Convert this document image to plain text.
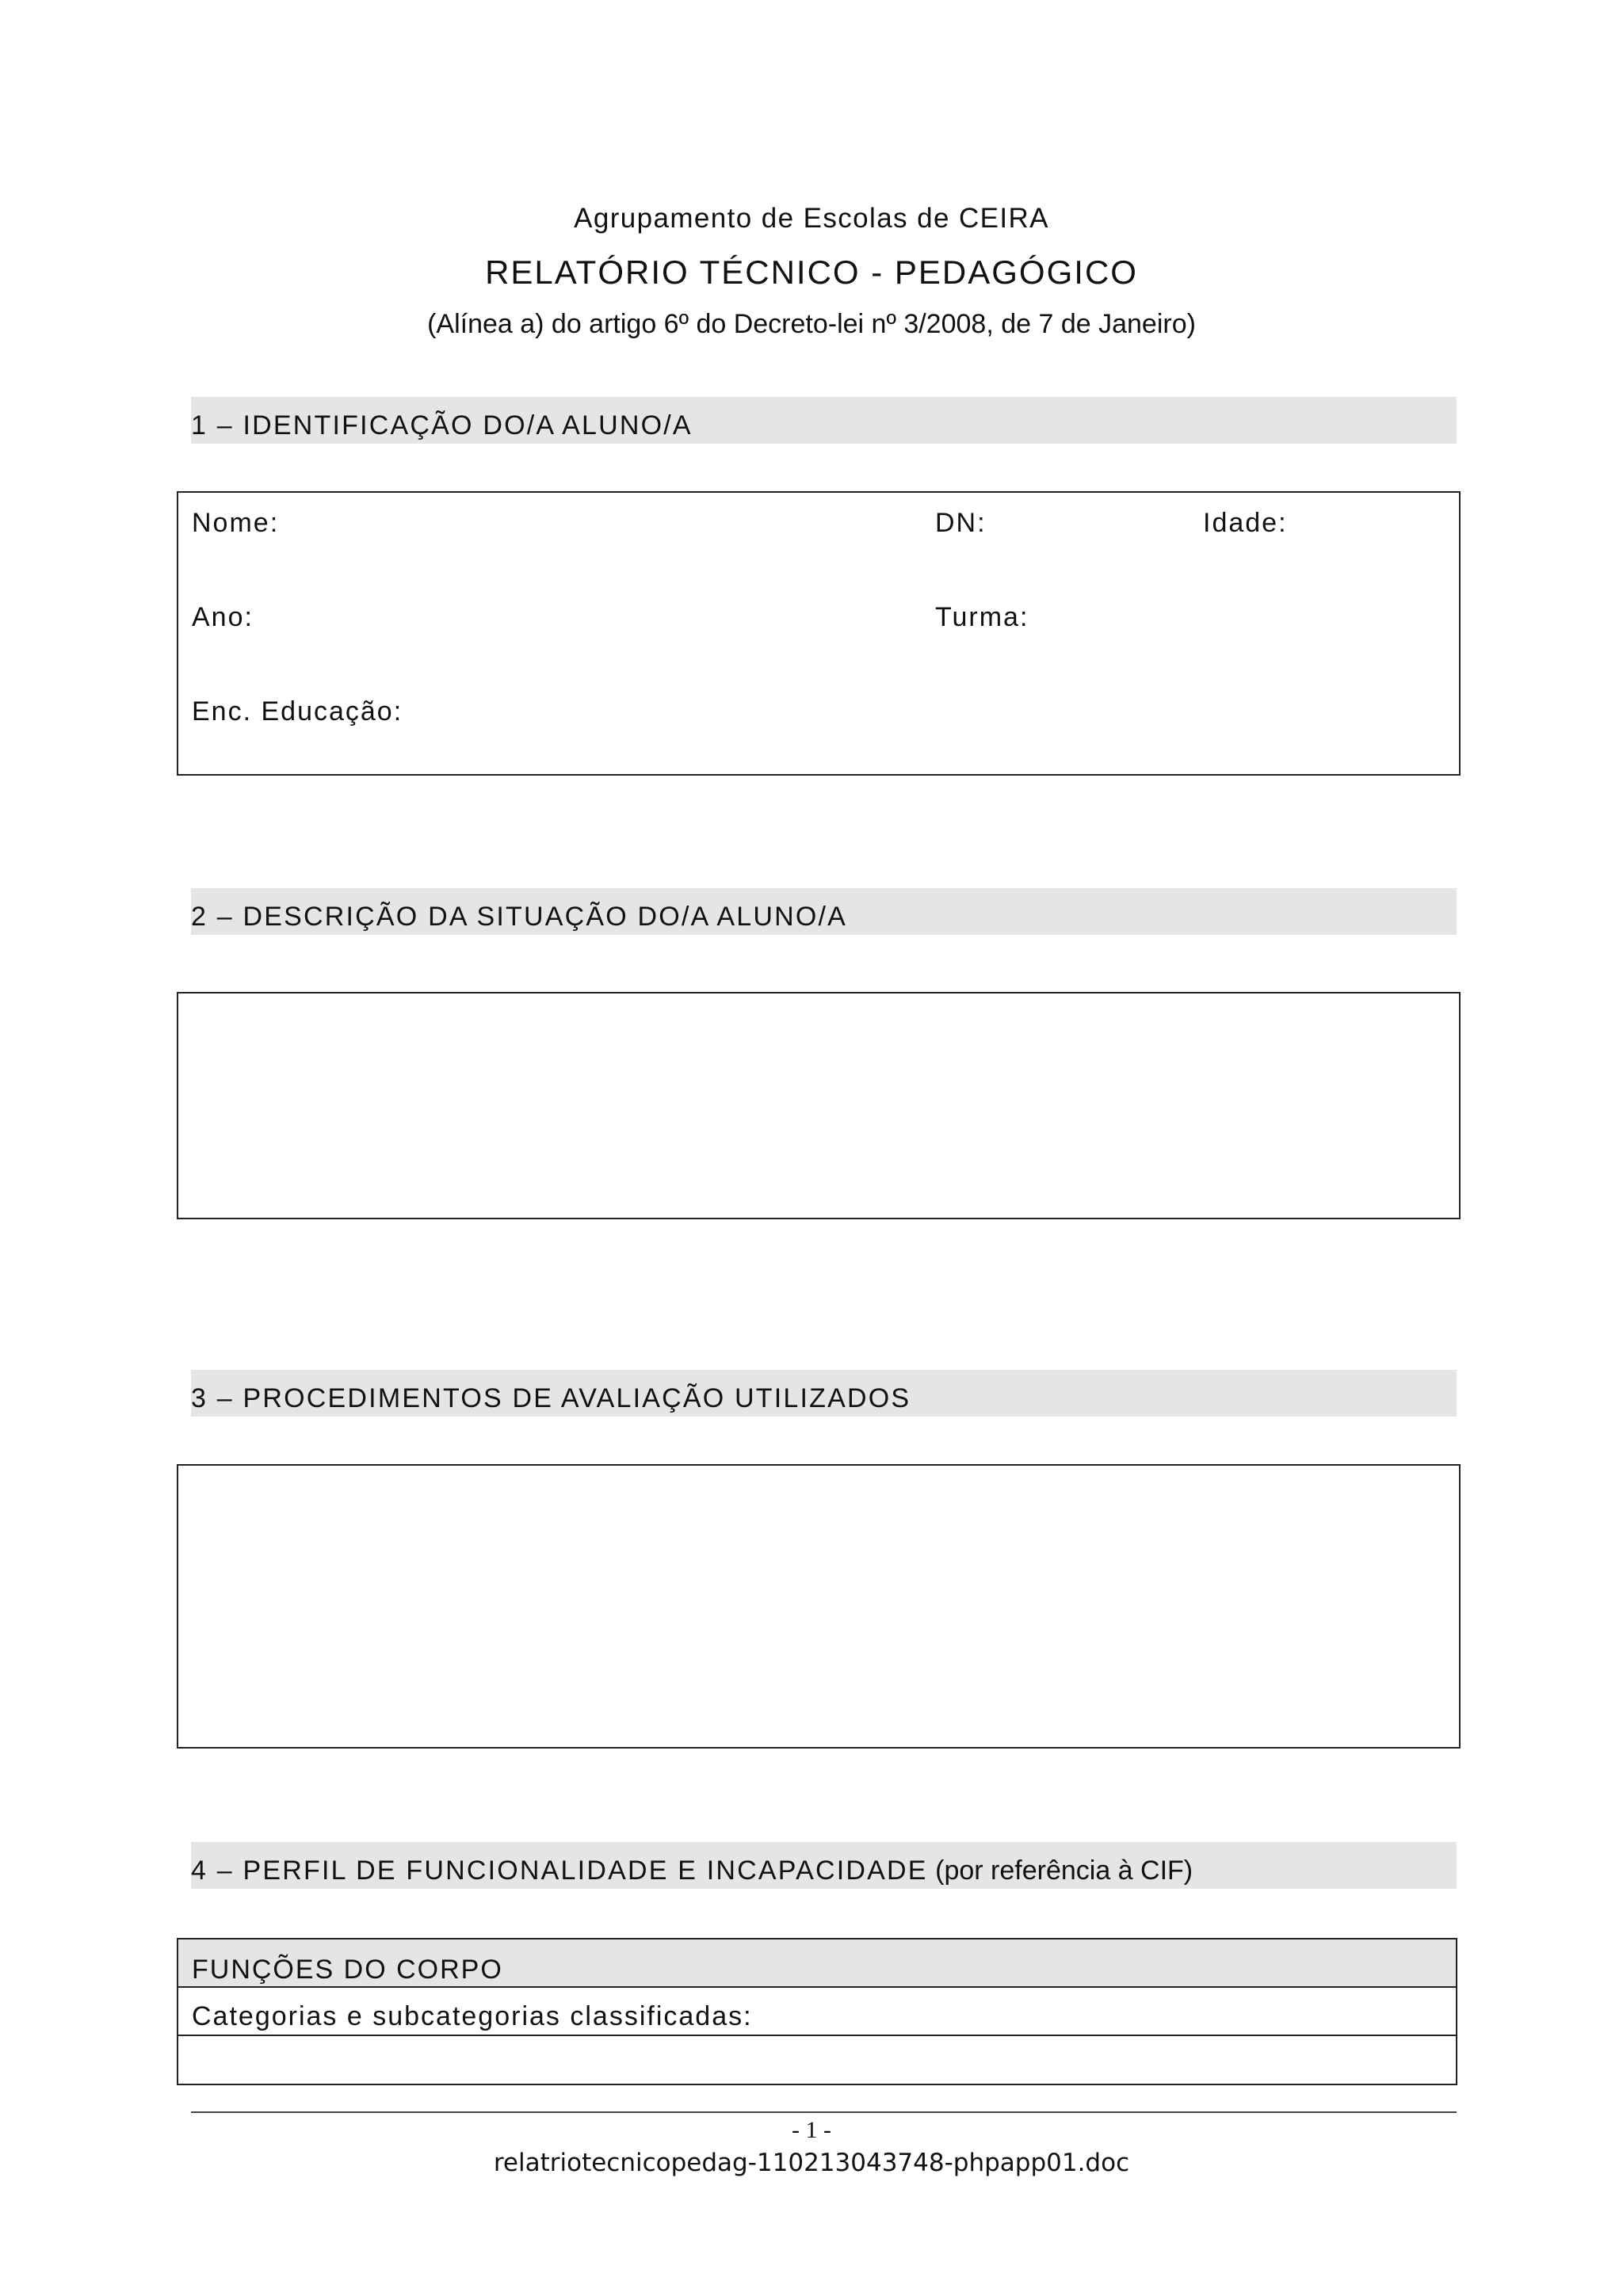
Agrupamento de Escolas de CEIRA
RELATÓRIO TÉCNICO - PEDAGÓGICO
(Alínea a) do artigo 6º do Decreto-lei nº 3/2008, de 7 de Janeiro)
1 – IDENTIFICAÇÃO DO/A ALUNO/A
Nome:	DN:	Idade:
Ano:	Turma:
Enc. Educação:
2 – DESCRIÇÃO DA SITUAÇÃO DO/A ALUNO/A
3 – PROCEDIMENTOS DE AVALIAÇÃO UTILIZADOS
4 – PERFIL DE FUNCIONALIDADE E INCAPACIDADE (por referência à CIF)
FUNÇÕES DO CORPO
Categorias e subcategorias classificadas:
- 1 -
relatriotecnicopedag-110213043748-phpapp01.doc
